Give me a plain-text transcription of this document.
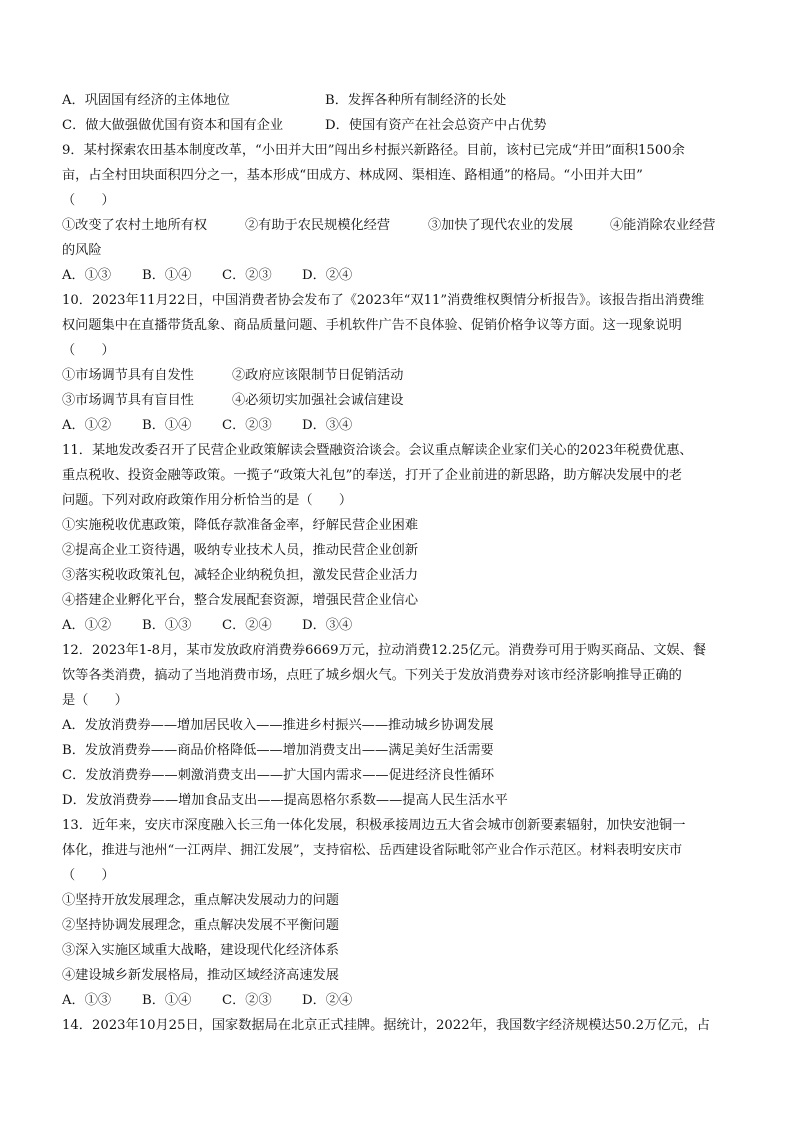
A．巩固国有经济的主体地位	B．发挥各种所有制经济的长处
C．做大做强做优国有资本和国有企业	D．使国有资产在社会总资产中占优势
9．某村探索农田基本制度改革，“小田并大田”闯出乡村振兴新路径。目前，该村已完成“并田”面积1500余
亩，占全村田块面积四分之一，基本形成“田成方、林成网、渠相连、路相通”的格局。“小田并大田”
（　　）
①改变了农村土地所有权	②有助于农民规模化经营	③加快了现代农业的发展	④能消除农业经营
的风险
A．①③	B．①④	C．②③	D．②④
10．2023年11月22日，中国消费者协会发布了《2023年“双11”消费维权舆情分析报告》。该报告指出消费维
权问题集中在直播带货乱象、商品质量问题、手机软件广告不良体验、促销价格争议等方面。这一现象说明
（　　）
①市场调节具有自发性	②政府应该限制节日促销活动
③市场调节具有盲目性	④必须切实加强社会诚信建设
A．①②	B．①④	C．②③	D．③④
11．某地发改委召开了民营企业政策解读会暨融资洽谈会。会议重点解读企业家们关心的2023年税费优惠、
重点税收、投资金融等政策。一揽子“政策大礼包”的奉送，打开了企业前进的新思路，助方解决发展中的老
问题。下列对政府政策作用分析恰当的是（　　）
①实施税收优惠政策，降低存款准备金率，纾解民营企业困难
②提高企业工资待遇，吸纳专业技术人员，推动民营企业创新
③落实税收政策礼包，减轻企业纳税负担，激发民营企业活力
④搭建企业孵化平台，整合发展配套资源，增强民营企业信心
A．①②	B．①③	C．②④	D．③④
12．2023年1-8月，某市发放政府消费券6669万元，拉动消费12.25亿元。消费券可用于购买商品、文娱、餐
饮等各类消费，搞动了当地消费市场，点旺了城乡烟火气。下列关于发放消费券对该市经济影响推导正确的
是（　　）
A．发放消费券——增加居民收入——推进乡村振兴——推动城乡协调发展
B．发放消费券——商品价格降低——增加消费支出——满足美好生活需要
C．发放消费券——刺激消费支出——扩大国内需求——促进经济良性循环
D．发放消费券——增加食品支出——提高恩格尔系数——提高人民生活水平
13．近年来，安庆市深度融入长三角一体化发展，积极承接周边五大省会城市创新要素辐射，加快安池铜一
体化，推进与池州“一江两岸、拥江发展”，支持宿松、岳西建设省际毗邻产业合作示范区。材料表明安庆市
（　　）
①坚持开放发展理念，重点解决发展动力的问题
②坚持协调发展理念，重点解决发展不平衡问题
③深入实施区域重大战略，建设现代化经济体系
④建设城乡新发展格局，推动区域经济高速发展
A．①③	B．①④	C．②③	D．②④
14．2023年10月25日，国家数据局在北京正式挂牌。据统计，2022年，我国数字经济规模达50.2万亿元，占
